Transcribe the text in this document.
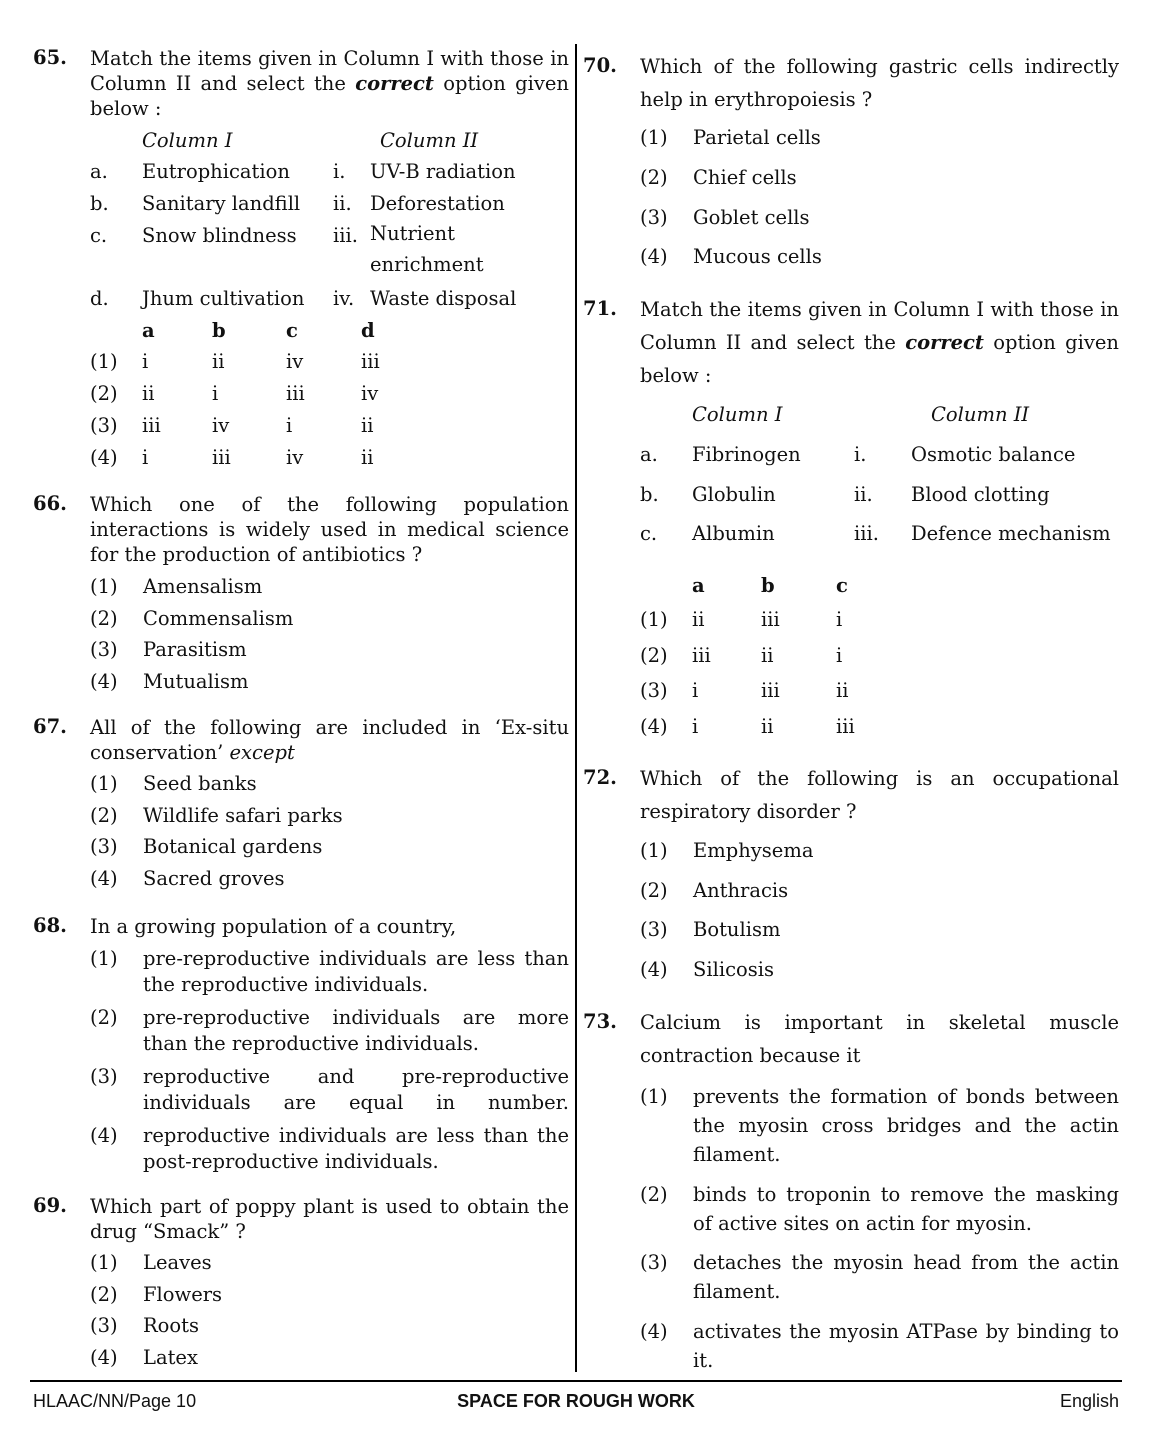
65. Match the items given in Column I with those in Column II and select the correct option given below :
Column I	Column II
a. Eutrophication i. UV-B radiation
b. Sanitary landfill ii. Deforestation
c. Snow blindness iii. Nutrient enrichment
d. Jhum cultivation iv. Waste disposal
a	b	c	d
(1) i	ii	iv	iii
(2) ii	i	iii	iv
(3) iii	iv	i	ii
(4) i	iii	iv	ii
66. Which one of the following population interactions is widely used in medical science for the production of antibiotics ?
(1) Amensalism
(2) Commensalism
(3) Parasitism
(4) Mutualism
67. All of the following are included in ‘Ex-situ conservation’ except
(1) Seed banks
(2) Wildlife safari parks
(3) Botanical gardens
(4) Sacred groves
68. In a growing population of a country,
(1) pre-reproductive individuals are less than the reproductive individuals.
(2) pre-reproductive individuals are more than the reproductive individuals.
(3) reproductive and pre-reproductive individuals are equal in number.
(4) reproductive individuals are less than the post-reproductive individuals.
69. Which part of poppy plant is used to obtain the drug “Smack” ?
(1) Leaves
(2) Flowers
(3) Roots
(4) Latex
70. Which of the following gastric cells indirectly help in erythropoiesis ?
(1) Parietal cells
(2) Chief cells
(3) Goblet cells
(4) Mucous cells
71. Match the items given in Column I with those in Column II and select the correct option given below :
Column I	Column II
a. Fibrinogen	i. Osmotic balance
b. Globulin	ii. Blood clotting
c. Albumin	iii. Defence mechanism
a	b	c
(1) ii	iii	i
(2) iii	ii	i
(3) i	iii	ii
(4) i	ii	iii
72. Which of the following is an occupational respiratory disorder ?
(1) Emphysema
(2) Anthracis
(3) Botulism
(4) Silicosis
73. Calcium is important in skeletal muscle contraction because it
(1) prevents the formation of bonds between the myosin cross bridges and the actin filament.
(2) binds to troponin to remove the masking of active sites on actin for myosin.
(3) detaches the myosin head from the actin filament.
(4) activates the myosin ATPase by binding to it.
HLAAC/NN/Page 10	SPACE FOR ROUGH WORK	English
